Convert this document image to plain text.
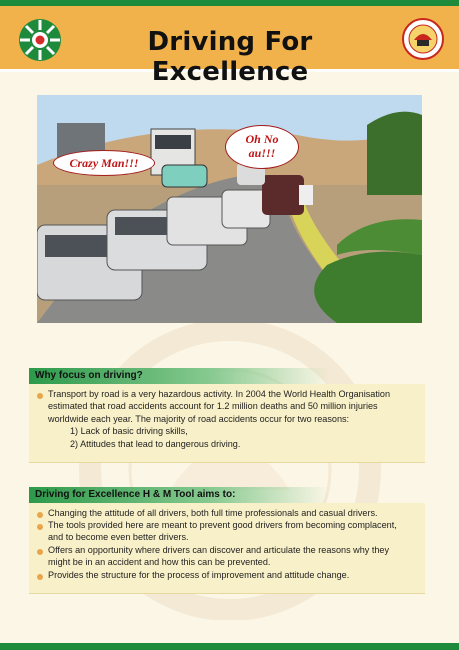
Driving For Excellence
Crazy Man!!!
Oh No
au!!!
Why focus on driving?
Transport by road is a very hazardous activity. In 2004 the World Health Organisation
estimated that road accidents account for 1.2 million deaths and 50 million injuries
worldwide each year. The majority of road accidents occur for two reasons:
1) Lack of basic driving skills,
2) Attitudes that lead to dangerous driving.
Driving for Excellence H & M Tool aims to:
Changing the attitude of all drivers, both full time professionals and casual drivers.
The tools provided here are meant to prevent good drivers from becoming complacent,
and to become even better drivers.
Offers an opportunity where drivers can discover and articulate the reasons why they
might be in an accident and how this can be prevented.
Provides the structure for the process of improvement and attitude change.
